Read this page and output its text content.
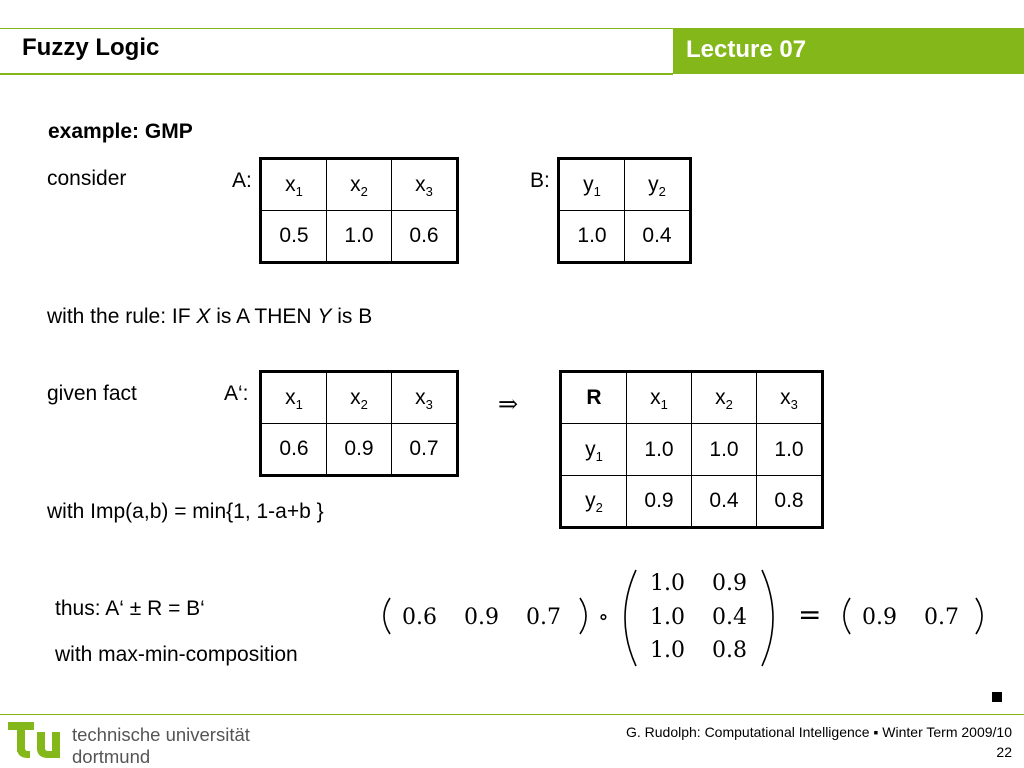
Fuzzy Logic	Lecture 07
example: GMP
consider	A: $x_1$	$x_2$	$x_3$
0.5	1.0	0.6
B: $y_1$	$y_2$
1.0	0.4
with the rule: IF X is A THEN Y is B
given fact	A‘: $x_1$	$x_2$	$x_3$
0.6	0.9	0.7
⇒	R	$x_1$	$x_2$	$x_3$
$y_1$	1.0	1.0	1.0
$y_2$	0.9	0.4	0.8
with Imp(a,b) = min{1, 1-a+b }
thus: A‘ ± R = B‘
with max-min-composition
0.6 0.9 0.7 ∘
1.0 0.9
1.0 0.4
1.0 0.8
= 0.9 0.7
technische universität
dortmund
G. Rudolph: Computational Intelligence ▪ Winter Term 2009/10
22
